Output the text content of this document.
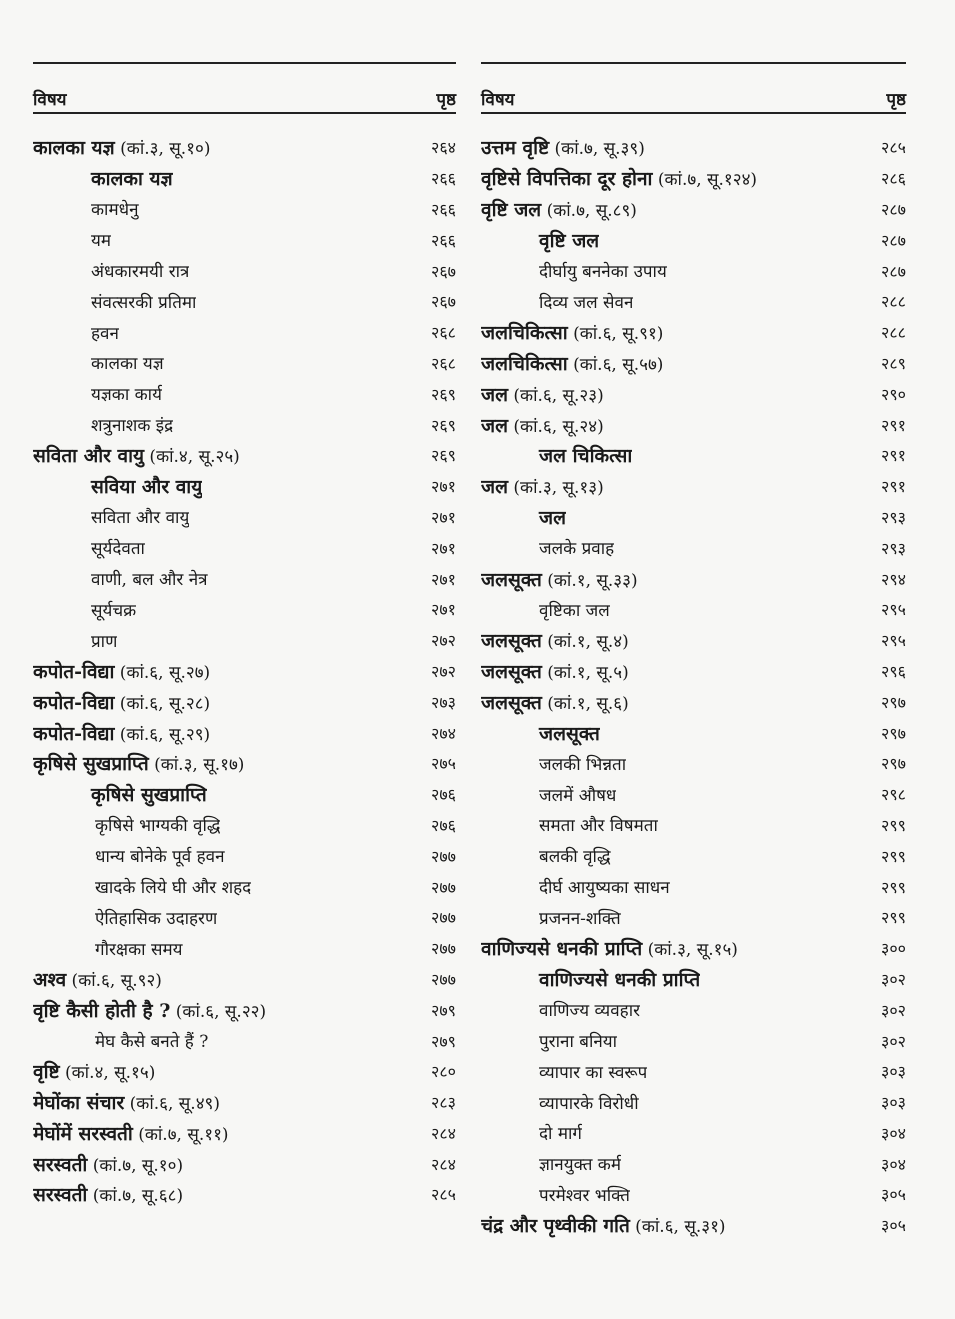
विषय	पृष्ठ
कालका यज्ञ (कां.३, सू.१०)	२६४
कालका यज्ञ	२६६
कामधेनु	२६६
यम	२६६
अंधकारमयी रात्र	२६७
संवत्सरकी प्रतिमा	२६७
हवन	२६८
कालका यज्ञ	२६८
यज्ञका कार्य	२६९
शत्रुनाशक इंद्र	२६९
सविता और वायु (कां.४, सू.२५)	२६९
सविया और वायु	२७१
सविता और वायु	२७१
सूर्यदेवता	२७१
वाणी, बल और नेत्र	२७१
सूर्यचक्र	२७१
प्राण	२७२
कपोत-विद्या (कां.६, सू.२७)	२७२
कपोत-विद्या (कां.६, सू.२८)	२७३
कपोत-विद्या (कां.६, सू.२९)	२७४
कृषिसे सुखप्राप्ति (कां.३, सू.१७)	२७५
कृषिसे सुखप्राप्ति	२७६
कृषिसे भाग्यकी वृद्धि	२७६
धान्य बोनेके पूर्व हवन	२७७
खादके लिये घी और शहद	२७७
ऐतिहासिक उदाहरण	२७७
गौरक्षका समय	२७७
अश्व (कां.६, सू.९२)	२७७
वृष्टि कैसी होती है ? (कां.६, सू.२२)	२७९
मेघ कैसे बनते हैं ?	२७९
वृष्टि (कां.४, सू.१५)	२८०
मेघोंका संचार (कां.६, सू.४९)	२८३
मेघोंमें सरस्वती (कां.७, सू.११)	२८४
सरस्वती (कां.७, सू.१०)	२८४
सरस्वती (कां.७, सू.६८)	२८५
विषय	पृष्ठ
उत्तम वृष्टि (कां.७, सू.३९)	२८५
वृष्टिसे विपत्तिका दूर होना (कां.७, सू.१२४)	२८६
वृष्टि जल (कां.७, सू.८९)	२८७
वृष्टि जल	२८७
दीर्घायु बननेका उपाय	२८७
दिव्य जल सेवन	२८८
जलचिकित्सा (कां.६, सू.९१)	२८८
जलचिकित्सा (कां.६, सू.५७)	२८९
जल (कां.६, सू.२३)	२९०
जल (कां.६, सू.२४)	२९१
जल चिकित्सा	२९१
जल (कां.३, सू.१३)	२९१
जल	२९३
जलके प्रवाह	२९३
जलसूक्त (कां.१, सू.३३)	२९४
वृष्टिका जल	२९५
जलसूक्त (कां.१, सू.४)	२९५
जलसूक्त (कां.१, सू.५)	२९६
जलसूक्त (कां.१, सू.६)	२९७
जलसूक्त	२९७
जलकी भिन्नता	२९७
जलमें औषध	२९८
समता और विषमता	२९९
बलकी वृद्धि	२९९
दीर्घ आयुष्यका साधन	२९९
प्रजनन-शक्ति	२९९
वाणिज्यसे धनकी प्राप्ति (कां.३, सू.१५)	३००
वाणिज्यसे धनकी प्राप्ति	३०२
वाणिज्य व्यवहार	३०२
पुराना बनिया	३०२
व्यापार का स्वरूप	३०३
व्यापारके विरोधी	३०३
दो मार्ग	३०४
ज्ञानयुक्त कर्म	३०४
परमेश्वर भक्ति	३०५
चंद्र और पृथ्वीकी गति (कां.६, सू.३१)	३०५
